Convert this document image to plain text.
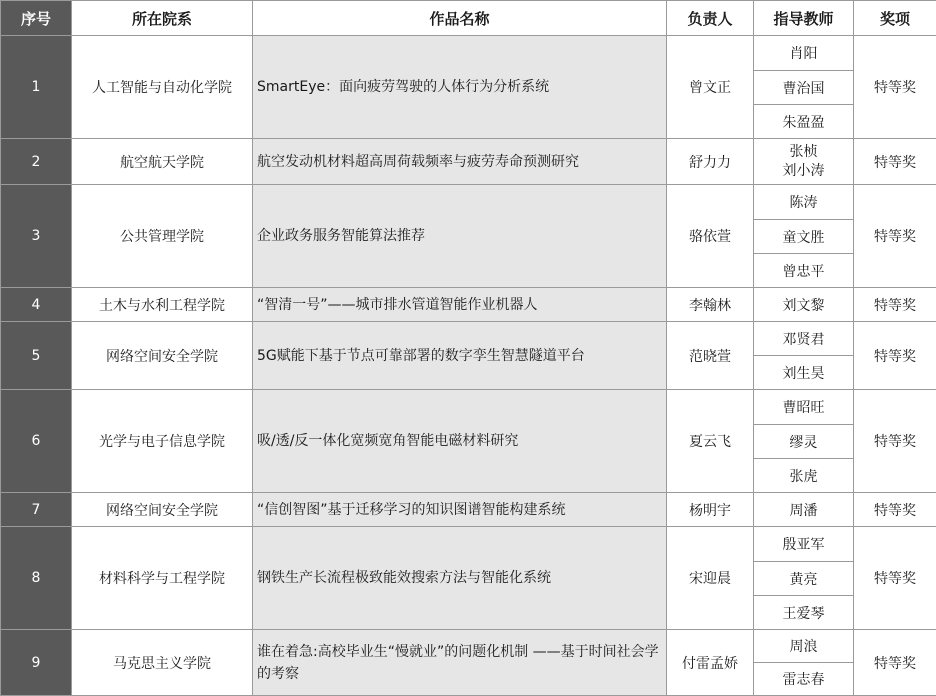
序号	所在院系	作品名称	负责人	指导教师	奖项
1	人工智能与自动化学院	SmartEye：面向疲劳驾驶的人体行为分析系统	曾文正	肖阳
曹治国
朱盈盈	特等奖
2	航空航天学院	航空发动机材料超高周荷载频率与疲劳寿命预测研究	舒力力	张桢
刘小涛	特等奖
3	公共管理学院	企业政务服务智能算法推荐	骆依萱	陈涛
童文胜
曾忠平	特等奖
4	土木与水利工程学院	“智清一号”——城市排水管道智能作业机器人	李翰林	刘文黎	特等奖
5	网络空间安全学院	5G赋能下基于节点可靠部署的数字孪生智慧隧道平台	范晓萱	邓贤君
刘生昊	特等奖
6	光学与电子信息学院	吸/透/反一体化宽频宽角智能电磁材料研究	夏云飞	曹昭旺
缪灵
张虎	特等奖
7	网络空间安全学院	“信创智图”基于迁移学习的知识图谱智能构建系统	杨明宇	周潘	特等奖
8	材料科学与工程学院	钢铁生产长流程极致能效搜索方法与智能化系统	宋迎晨	殷亚军
黄亮
王爱琴	特等奖
9	马克思主义学院	谁在着急:高校毕业生“慢就业”的问题化机制 ——基于时间社会学的考察	付雷孟娇	周浪
雷志春	特等奖
